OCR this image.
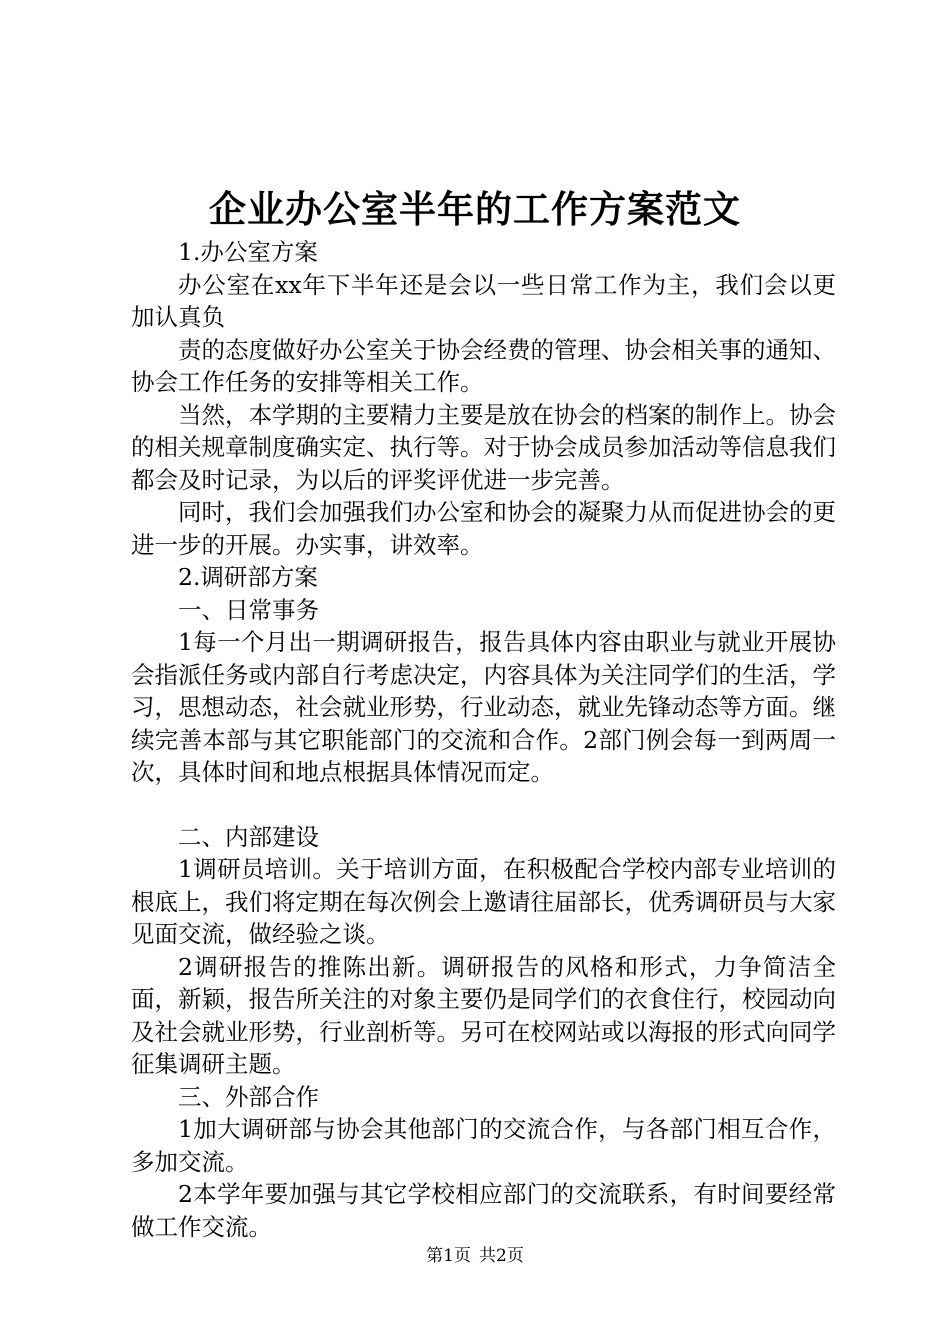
企业办公室半年的工作方案范文

1.办公室方案

办公室在xx年下半年还是会以一些日常工作为主，我们会以更加认真负

责的态度做好办公室关于协会经费的管理、协会相关事的通知、协会工作任务的安排等相关工作。

当然，本学期的主要精力主要是放在协会的档案的制作上。协会的相关规章制度确实定、执行等。对于协会成员参加活动等信息我们都会及时记录，为以后的评奖评优进一步完善。

同时，我们会加强我们办公室和协会的凝聚力从而促进协会的更进一步的开展。办实事，讲效率。

2.调研部方案

一、日常事务

1每一个月出一期调研报告，报告具体内容由职业与就业开展协会指派任务或内部自行考虑决定，内容具体为关注同学们的生活，学习，思想动态，社会就业形势，行业动态，就业先锋动态等方面。继续完善本部与其它职能部门的交流和合作。2部门例会每一到两周一次，具体时间和地点根据具体情况而定。

二、内部建设

1调研员培训。关于培训方面，在积极配合学校内部专业培训的根底上，我们将定期在每次例会上邀请往届部长，优秀调研员与大家见面交流，做经验之谈。

2调研报告的推陈出新。调研报告的风格和形式，力争简洁全面，新颖，报告所关注的对象主要仍是同学们的衣食住行，校园动向及社会就业形势，行业剖析等。另可在校网站或以海报的形式向同学征集调研主题。

三、外部合作

1加大调研部与协会其他部门的交流合作，与各部门相互合作，多加交流。

2本学年要加强与其它学校相应部门的交流联系，有时间要经常做工作交流。

第1页 共2页
